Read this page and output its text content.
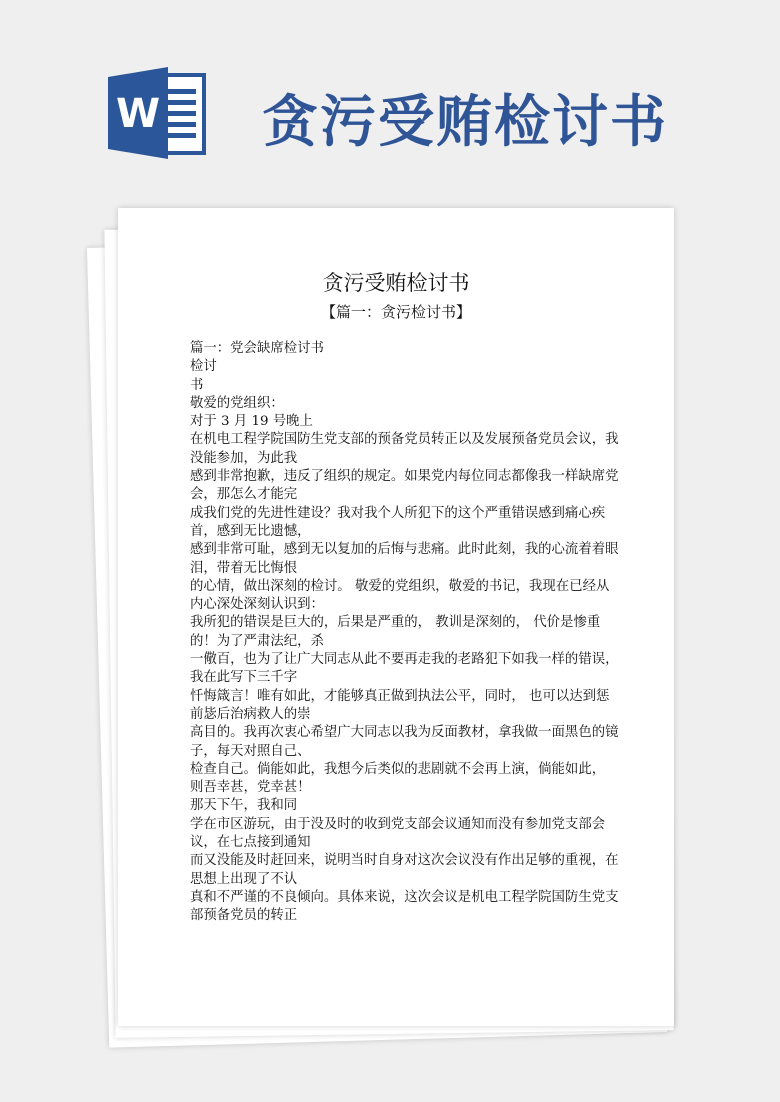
W 贪污受贿检讨书
贪污受贿检讨书
【篇一：贪污检讨书】

篇一：党会缺席检讨书

检讨

书

敬爱的党组织：

对于 3 月 19 号晚上

在机电工程学院国防生党支部的预备党员转正以及发展预备党员会议，我没能参加，为此我

感到非常抱歉，违反了组织的规定。如果党内每位同志都像我一样缺席党会，那怎么才能完

成我们党的先进性建设？我对我个人所犯下的这个严重错误感到痛心疾首，感到无比遗憾，

感到非常可耻，感到无以复加的后悔与悲痛。此时此刻，我的心流着着眼泪，带着无比悔恨

的心情，做出深刻的检讨。 敬爱的党组织，敬爱的书记，我现在已经从内心深处深刻认识到：

我所犯的错误是巨大的，后果是严重的， 教训是深刻的， 代价是惨重的！为了严肃法纪，杀

一儆百，也为了让广大同志从此不要再走我的老路犯下如我一样的错误，我在此写下三千字

忏悔箴言！唯有如此，才能够真正做到执法公平，同时， 也可以达到惩前毖后治病救人的崇

高目的。我再次衷心希望广大同志以我为反面教材，拿我做一面黑色的镜子，每天对照自己、

检查自己。倘能如此，我想今后类似的悲剧就不会再上演，倘能如此， 则吾幸甚，党幸甚！

那天下午，我和同

学在市区游玩，由于没及时的收到党支部会议通知而没有参加党支部会议，在七点接到通知

而又没能及时赶回来，说明当时自身对这次会议没有作出足够的重视，在思想上出现了不认

真和不严谨的不良倾向。具体来说，这次会议是机电工程学院国防生党支部预备党员的转正
